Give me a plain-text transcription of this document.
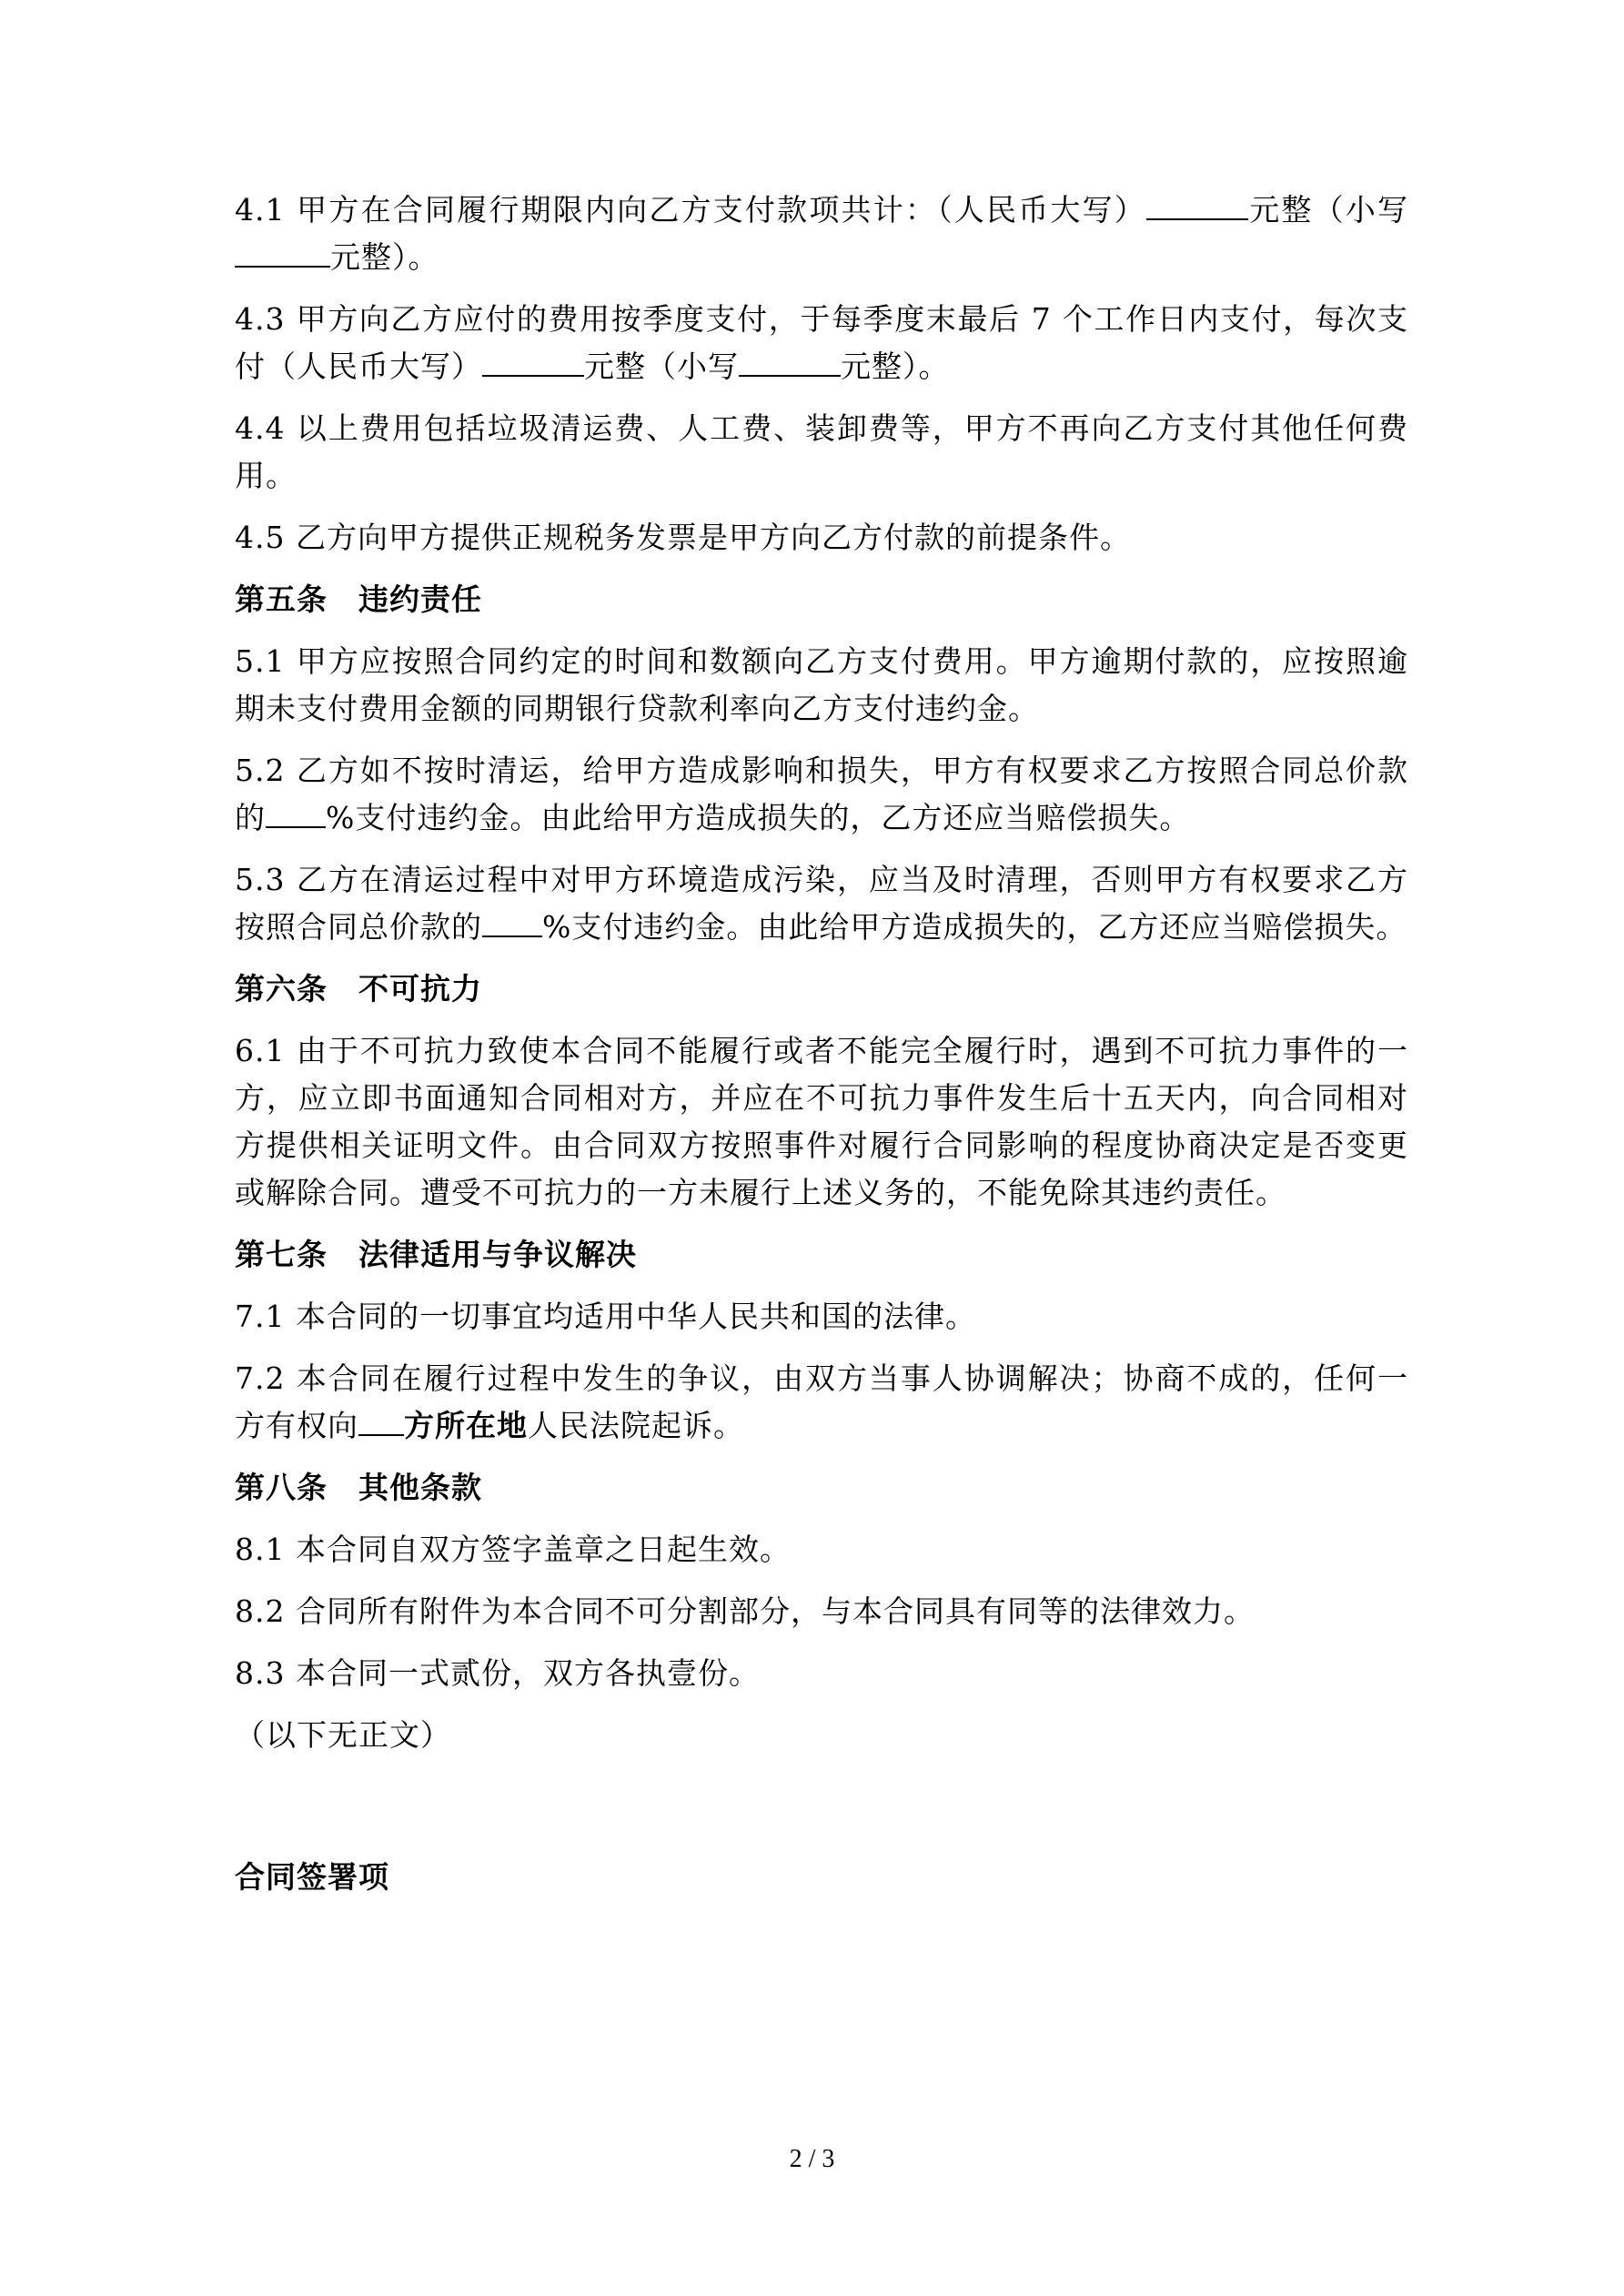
4.1 甲方在合同履行期限内向乙方支付款项共计：（人民币大写）	元整（小写元整）。

4.3 甲方向乙方应付的费用按季度支付，于每季度末最后 7 个工作日内支付，每次支付（人民币大写）	元整（小写	元整）。

4.4 以上费用包括垃圾清运费、人工费、装卸费等，甲方不再向乙方支付其他任何费用。

4.5 乙方向甲方提供正规税务发票是甲方向乙方付款的前提条件。

第五条 违约责任

5.1 甲方应按照合同约定的时间和数额向乙方支付费用。甲方逾期付款的，应按照逾期未支付费用金额的同期银行贷款利率向乙方支付违约金。

5.2 乙方如不按时清运，给甲方造成影响和损失，甲方有权要求乙方按照合同总价款的 %支付违约金。由此给甲方造成损失的，乙方还应当赔偿损失。

5.3 乙方在清运过程中对甲方环境造成污染，应当及时清理，否则甲方有权要求乙方按照合同总价款的 %支付违约金。由此给甲方造成损失的，乙方还应当赔偿损失。

第六条 不可抗力

6.1 由于不可抗力致使本合同不能履行或者不能完全履行时，遇到不可抗力事件的一方，应立即书面通知合同相对方，并应在不可抗力事件发生后十五天内，向合同相对方提供相关证明文件。由合同双方按照事件对履行合同影响的程度协商决定是否变更或解除合同。遭受不可抗力的一方未履行上述义务的，不能免除其违约责任。

第七条 法律适用与争议解决

7.1 本合同的一切事宜均适用中华人民共和国的法律。

7.2 本合同在履行过程中发生的争议，由双方当事人协调解决；协商不成的，任何一方有权向 方所在地人民法院起诉。

第八条 其他条款

8.1 本合同自双方签字盖章之日起生效。

8.2 合同所有附件为本合同不可分割部分，与本合同具有同等的法律效力。

8.3 本合同一式贰份，双方各执壹份。

（以下无正文）

合同签署项

2 / 3
